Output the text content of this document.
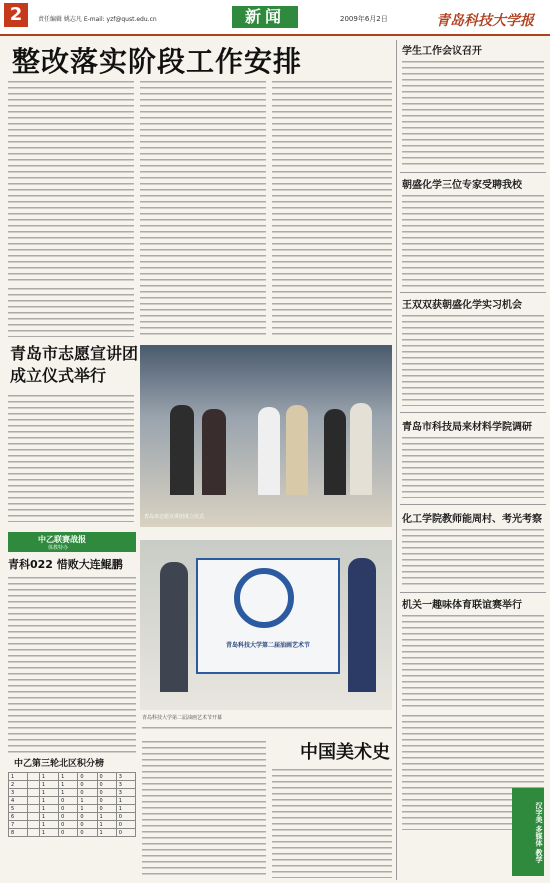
2	责任编辑 姚志凡 E-mail: yzf@qust.edu.cn	新闻	2009年6月2日	青岛科技大学报
整改落实阶段工作安排	学生工作会议召开
朝盛化学三位专家受聘我校
王双双获朝盛化学实习机会
青岛市科技局来材料学院调研
化工学院教师能周村、考光考察
机关一趣味体育联谊赛举行
汉字美 多媒体 教学
青岛市志愿宣讲团
成立仪式举行
青岛市志愿宣讲团成立仪式
中乙联赛战报
体教特办
青科022 惜败大连鲲鹏
中乙第三轮北区积分榜
1		1	1	0	0	3
2		1	1	0	0	3
3		1	1	0	0	3
4		1	0	1	0	1
5		1	0	1	0	1
6		1	0	0	1	0
7		1	0	0	1	0
8		1	0	0	1	0
青岛科技大学第二届油画艺术节
青岛科技大学第二届油画艺术节开幕
中国美术史
